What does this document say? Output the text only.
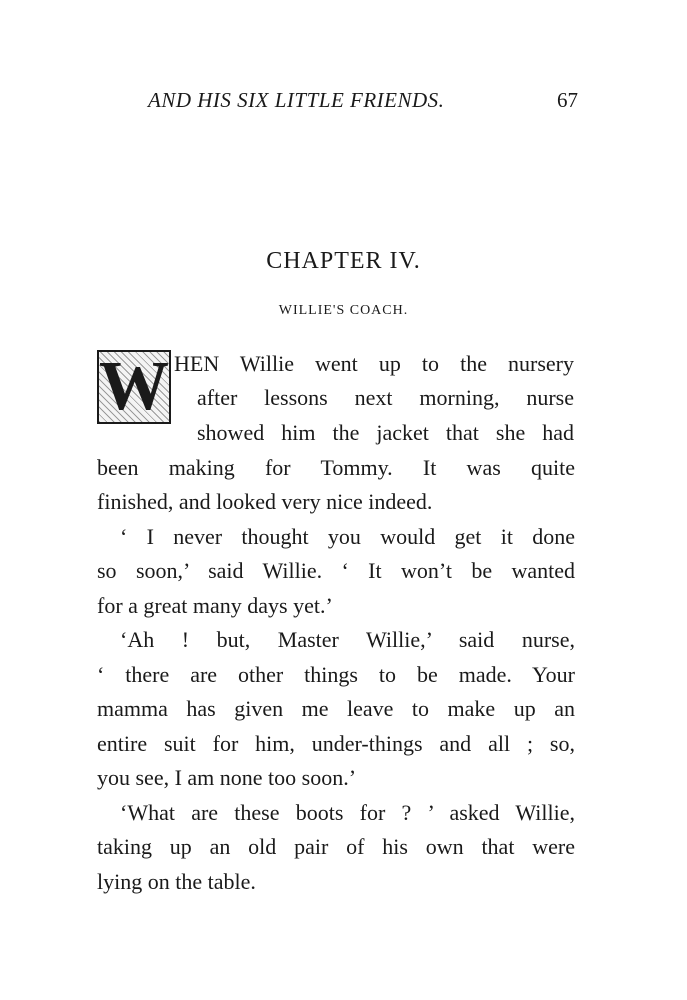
AND HIS SIX LITTLE FRIENDS.	67
CHAPTER IV.
WILLIE'S COACH.
W HEN Willie went up to the nursery
after lessons next morning, nurse
showed him the jacket that she had
been making for Tommy. It was quite
finished, and looked very nice indeed.
‘ I never thought you would get it done
so soon,’ said Willie. ‘ It won’t be wanted
for a great many days yet.’
‘Ah ! but, Master Willie,’ said nurse,
‘ there are other things to be made. Your
mamma has given me leave to make up an
entire suit for him, under-things and all ; so,
you see, I am none too soon.’
‘What are these boots for ? ’ asked Willie,
taking up an old pair of his own that were
lying on the table.
